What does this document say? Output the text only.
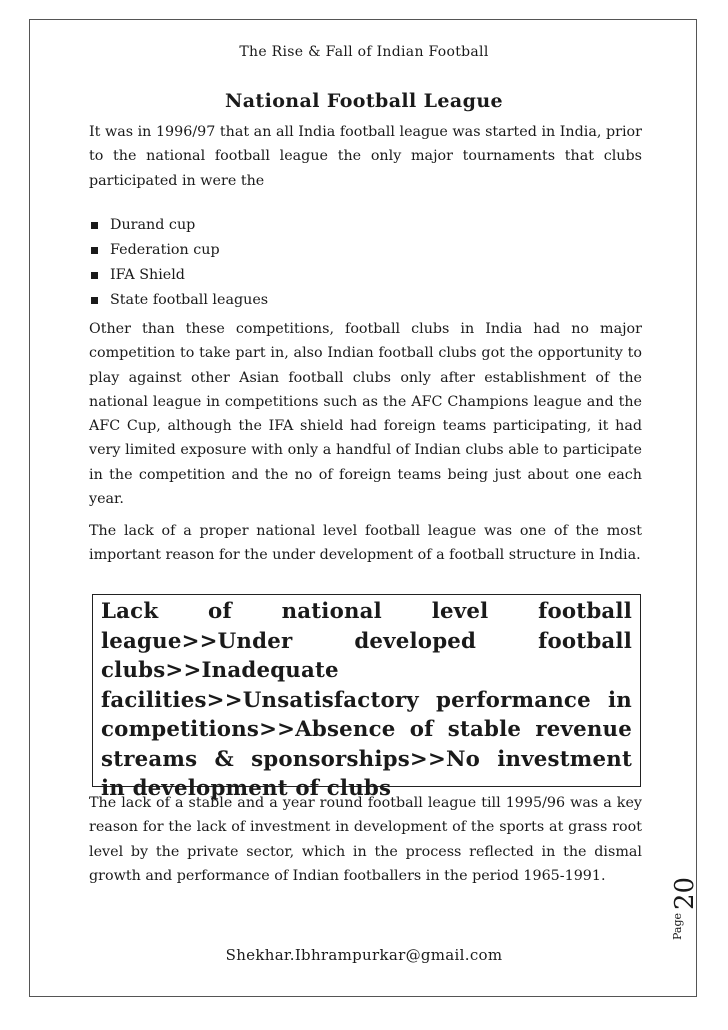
The Rise & Fall of Indian Football
National Football League

It was in 1996/97 that an all India football league was started in India, prior to the national football league the only major tournaments that clubs participated in were the

Durand cup
Federation cup
IFA Shield
State football leagues

Other than these competitions, football clubs in India had no major competition to take part in, also Indian football clubs got the opportunity to play against other Asian football clubs only after establishment of the national league in competitions such as the AFC Champions league and the AFC Cup, although the IFA shield had foreign teams participating, it had very limited exposure with only a handful of Indian clubs able to participate in the competition and the no of foreign teams being just about one each year.

The lack of a proper national level football league was one of the most important reason for the under development of a football structure in India.

Lack of national level football league>>Under developed football clubs>>Inadequate facilities>>Unsatisfactory performance in competitions>>Absence of stable revenue streams & sponsorships>>No investment in development of clubs

The lack of a stable and a year round football league till 1995/96 was a key reason for the lack of investment in development of the sports at grass root level by the private sector, which in the process reflected in the dismal growth and performance of Indian footballers in the period 1965-1991.

20
Page
Shekhar.Ibhrampurkar@gmail.com
